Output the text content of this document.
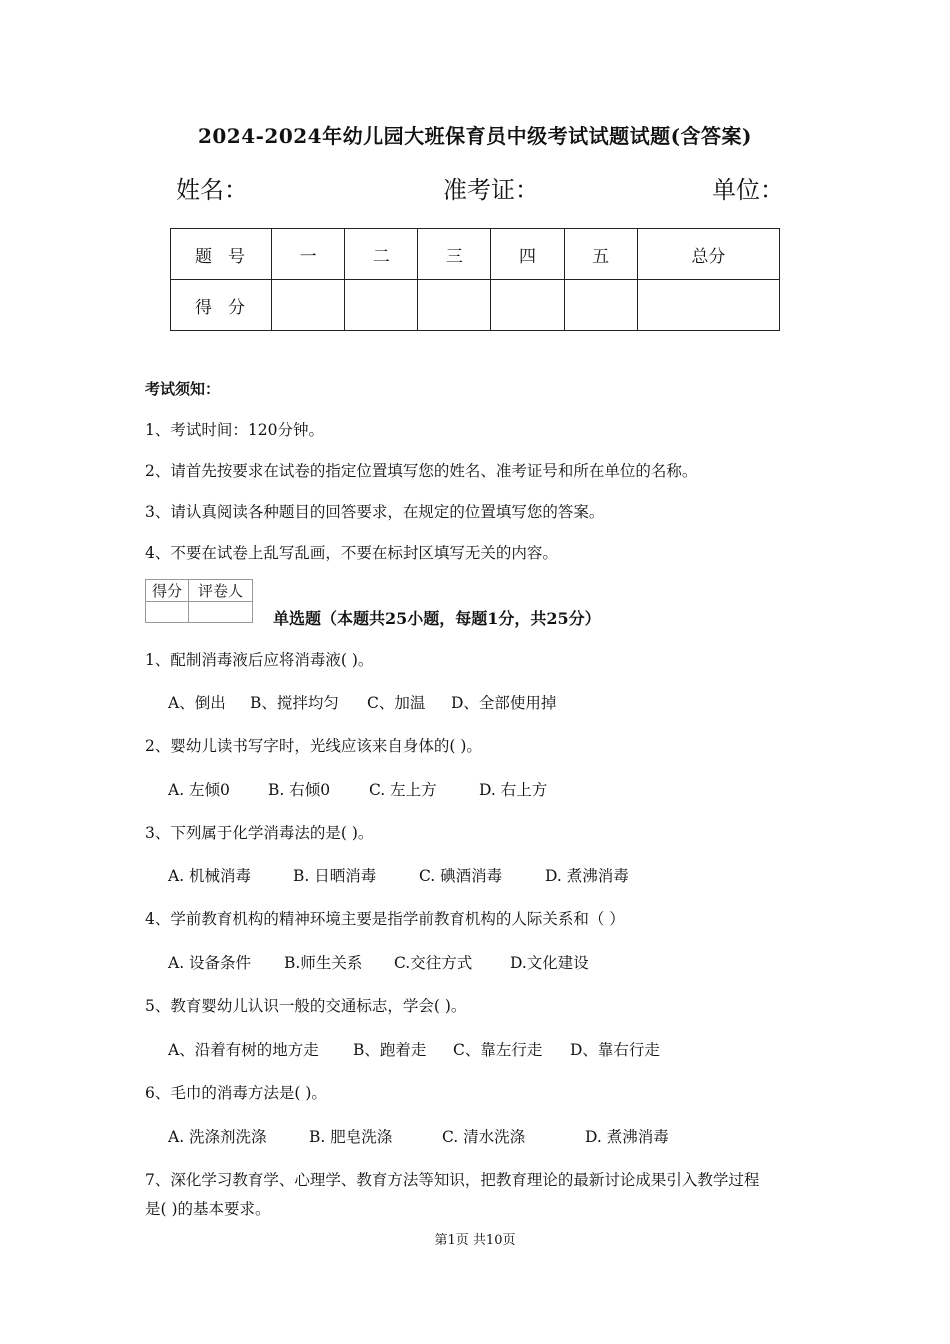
2024-2024年幼儿园大班保育员中级考试试题试题(含答案)
姓名：	准考证：	单位：
题号	一	二	三	四	五	总分
得分						
考试须知：
1、考试时间：120分钟。
2、请首先按要求在试卷的指定位置填写您的姓名、准考证号和所在单位的名称。
3、请认真阅读各种题目的回答要求，在规定的位置填写您的答案。
4、不要在试卷上乱写乱画，不要在标封区填写无关的内容。
得分	评卷人

单选题（本题共25小题，每题1分，共25分）
1、配制消毒液后应将消毒液( )。
A、倒出 B、搅拌均匀 C、加温 D、全部使用掉
2、婴幼儿读书写字时，光线应该来自身体的( )。
A. 左倾0 B. 右倾0	C. 左上方	D. 右上方
3、下列属于化学消毒法的是( )。
A. 机械消毒	B. 日晒消毒	C. 碘酒消毒	D. 煮沸消毒
4、学前教育机构的精神环境主要是指学前教育机构的人际关系和（ ）
A. 设备条件 B.师生关系 C.交往方式 D.文化建设
5、教育婴幼儿认识一般的交通标志，学会( )。
A、沿着有树的地方走 B、跑着走 C、靠左行走 D、靠右行走
6、毛巾的消毒方法是( )。
A. 洗涤剂洗涤	B. 肥皂洗涤	C. 清水洗涤	D. 煮沸消毒
7、深化学习教育学、心理学、教育方法等知识，把教育理论的最新讨论成果引入教学过程
是( )的基本要求。
第1页 共10页
